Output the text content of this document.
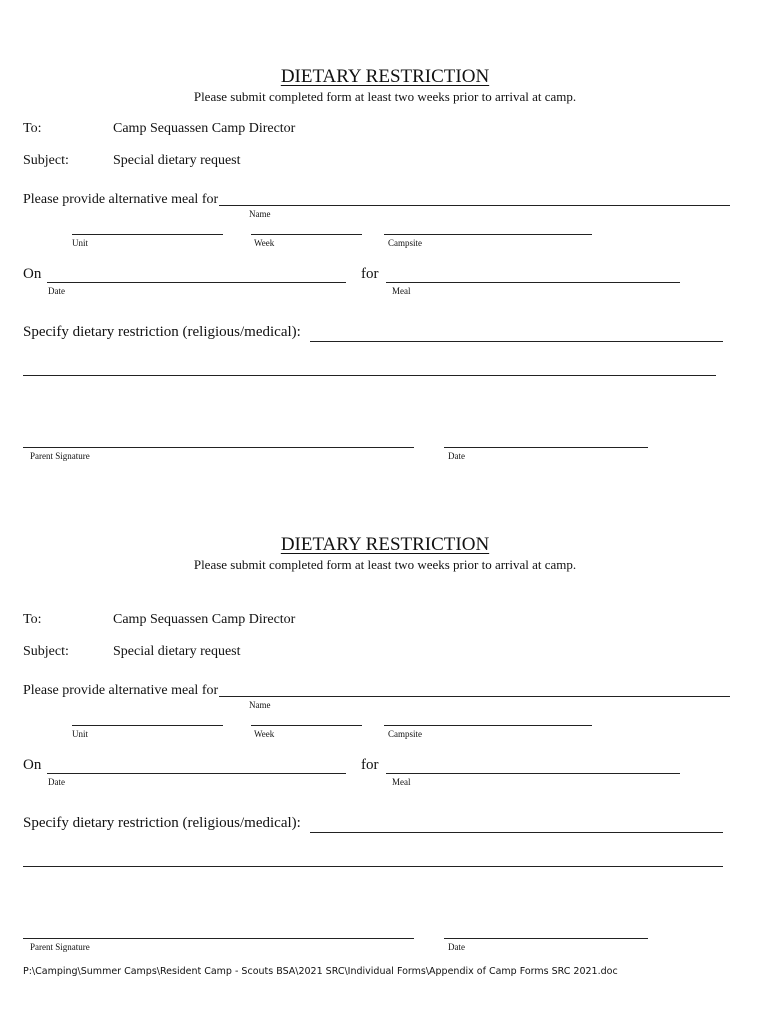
DIETARY RESTRICTION
Please submit completed form at least two weeks prior to arrival at camp.
To:	Camp Sequassen Camp Director
Subject:	Special dietary request
Please provide alternative meal for
Name
Unit	Week	Campsite
On	for
Date	Meal
Specify dietary restriction (religious/medical):
Parent Signature	Date
DIETARY RESTRICTION
Please submit completed form at least two weeks prior to arrival at camp.
To:	Camp Sequassen Camp Director
Subject:	Special dietary request
Please provide alternative meal for
Name
Unit	Week	Campsite
On	for
Date	Meal
Specify dietary restriction (religious/medical):
Parent Signature	Date
P:\Camping\Summer Camps\Resident Camp - Scouts BSA\2021 SRC\Individual Forms\Appendix of Camp Forms SRC 2021.doc
